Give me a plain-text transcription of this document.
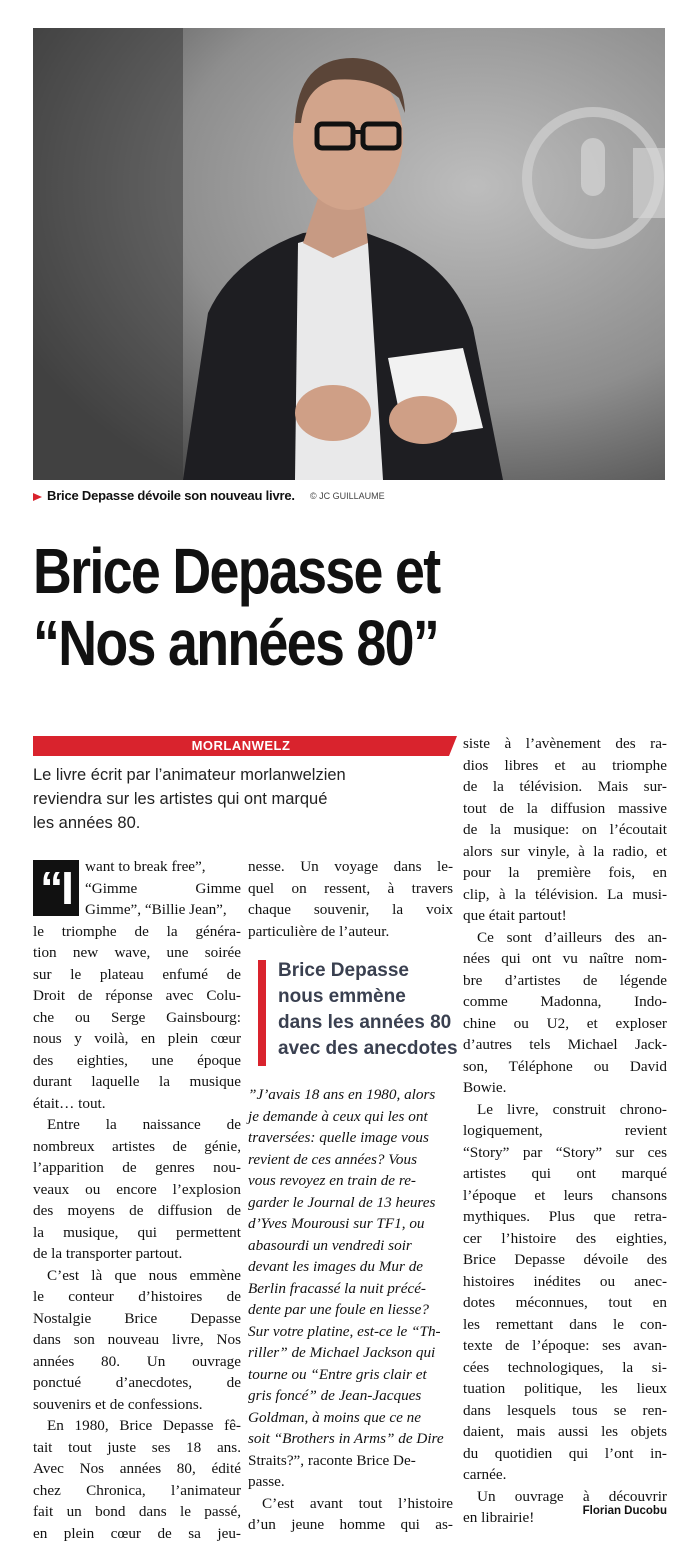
Brice Depasse dévoile son nouveau livre. © JC GUILLAUME
Brice Depasse et
“Nos années 80”
MORLANWELZ
Le livre écrit par l’animateur morlanwelzien
reviendra sur les artistes qui ont marqué
les années 80.
“I want to break free”,
“Gimme Gimme
Gimme”, “Billie Jean”,
le triomphe de la généra-
tion new wave, une soirée
sur le plateau enfumé de
Droit de réponse avec Colu-
che ou Serge Gainsbourg:
nous y voilà, en plein cœur
des eighties, une époque
durant laquelle la musique
était… tout.
Entre la naissance de
nombreux artistes de génie,
l’apparition de genres nou-
veaux ou encore l’explosion
des moyens de diffusion de
la musique, qui permettent
de la transporter partout.
C’est là que nous emmène
le conteur d’histoires de
Nostalgie Brice Depasse
dans son nouveau livre, Nos
années 80. Un ouvrage
ponctué d’anecdotes, de
souvenirs et de confessions.
En 1980, Brice Depasse fê-
tait tout juste ses 18 ans.
Avec Nos années 80, édité
chez Chronica, l’animateur
fait un bond dans le passé,
en plein cœur de sa jeu-
nesse. Un voyage dans le-
quel on ressent, à travers
chaque souvenir, la voix
particulière de l’auteur.
Brice Depasse
nous emmène
dans les années 80
avec des anecdotes
”J’avais 18 ans en 1980, alors
je demande à ceux qui les ont
traversées: quelle image vous
revient de ces années? Vous
vous revoyez en train de re-
garder le Journal de 13 heures
d’Yves Mourousi sur TF1, ou
abasourdi un vendredi soir
devant les images du Mur de
Berlin fracassé la nuit précé-
dente par une foule en liesse?
Sur votre platine, est-ce le “Th-
riller” de Michael Jackson qui
tourne ou “Entre gris clair et
gris foncé” de Jean-Jacques
Goldman, à moins que ce ne
soit “Brothers in Arms” de Dire
Straits?”, raconte Brice De-
passe.
C’est avant tout l’histoire
d’un jeune homme qui as-
siste à l’avènement des ra-
dios libres et au triomphe
de la télévision. Mais sur-
tout de la diffusion massive
de la musique: on l’écoutait
alors sur vinyle, à la radio, et
pour la première fois, en
clip, à la télévision. La musi-
que était partout!
Ce sont d’ailleurs des an-
nées qui ont vu naître nom-
bre d’artistes de légende
comme Madonna, Indo-
chine ou U2, et exploser
d’autres tels Michael Jack-
son, Téléphone ou David
Bowie.
Le livre, construit chrono-
logiquement, revient
“Story” par “Story” sur ces
artistes qui ont marqué
l’époque et leurs chansons
mythiques. Plus que retra-
cer l’histoire des eighties,
Brice Depasse dévoile des
histoires inédites ou anec-
dotes méconnues, tout en
les remettant dans le con-
texte de l’époque: ses avan-
cées technologiques, la si-
tuation politique, les lieux
dans lesquels tous se ren-
daient, mais aussi les objets
du quotidien qui l’ont in-
carnée.
Un ouvrage à découvrir
en librairie!	Florian Ducobu
